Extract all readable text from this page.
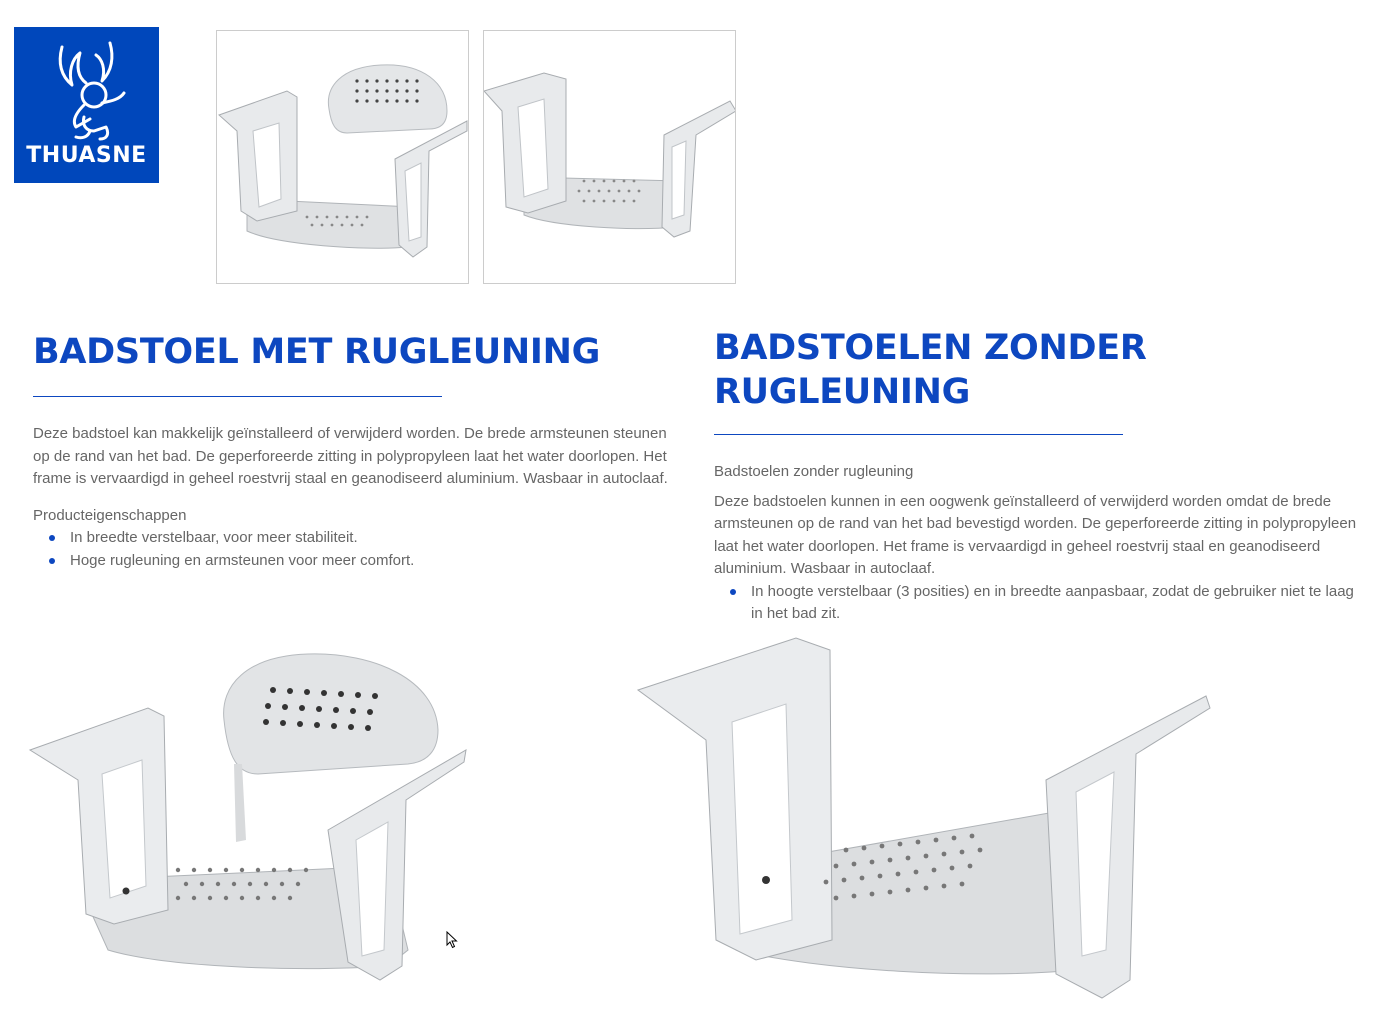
THUASNE
BADSTOEL MET RUGLEUNING

Deze badstoel kan makkelijk geïnstalleerd of verwijderd worden. De brede armsteunen steunen op de rand van het bad. De geperforeerde zitting in polypropyleen laat het water doorlopen. Het frame is vervaardigd in geheel roestvrij staal en geanodiseerd aluminium. Wasbaar in autoclaaf.

Producteigenschappen

In breedte verstelbaar, voor meer stabiliteit.
Hoge rugleuning en armsteunen voor meer comfort.
BADSTOELEN ZONDER RUGLEUNING

Badstoelen zonder rugleuning

Deze badstoelen kunnen in een oogwenk geïnstalleerd of verwijderd worden omdat de brede armsteunen op de rand van het bad bevestigd worden. De geperforeerde zitting in polypropyleen laat het water doorlopen. Het frame is vervaardigd in geheel roestvrij staal en geanodiseerd aluminium. Wasbaar in autoclaaf.

In hoogte verstelbaar (3 posities) en in breedte aanpasbaar, zodat de gebruiker niet te laag in het bad zit.
